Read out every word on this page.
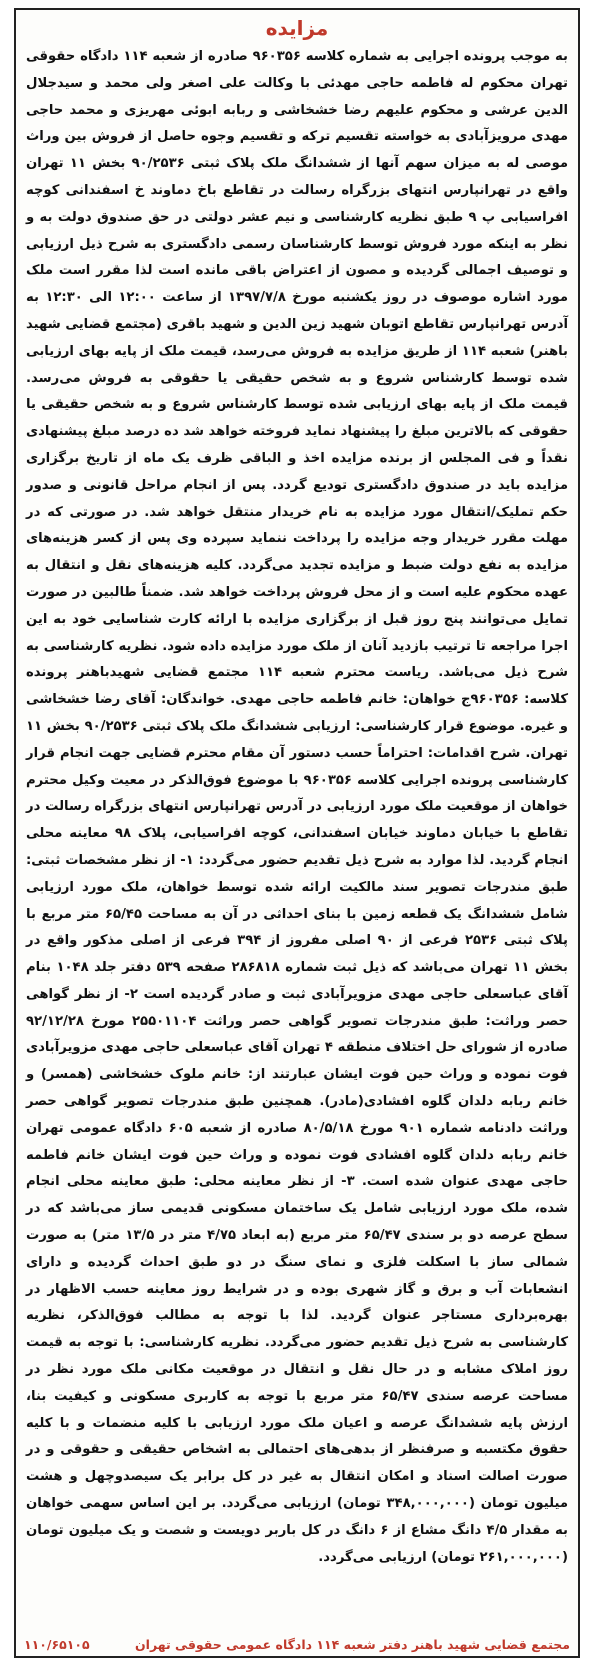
مزایده

به موجب پرونده اجرایی به شماره کلاسه ۹۶۰۳۵۶ صادره از شعبه ۱۱۴ دادگاه حقوقی تهران محکوم له فاطمه حاجی مهدئی با وکالت علی اصغر ولی محمد و سیدجلال الدین عرشی و محکوم علیهم رضا خشخاشی و ربابه ابوئی مهریزی و محمد حاجی مهدی مرویزآبادی به خواسته تقسیم ترکه و تقسیم وجوه حاصل از فروش بین وراث موصی له به میزان سهم آنها از ششدانگ ملک پلاک ثبتی ۹۰/۲۵۳۶ بخش ۱۱ تهران واقع در تهرانپارس انتهای بزرگراه رسالت در تقاطع باخ دماوند خ اسفندانی کوچه افراسیابی پ ۹ طبق نظریه کارشناسی و نیم عشر دولتی در حق صندوق دولت به و نظر به اینکه مورد فروش توسط کارشناسان رسمی دادگستری به شرح ذیل ارزیابی و توصیف اجمالی گردیده و مصون از اعتراض باقی مانده است لذا مقرر است ملک مورد اشاره موصوف در روز یکشنبه مورخ ۱۳۹۷/۷/۸ از ساعت ۱۲:۰۰ الی ۱۲:۳۰ به آدرس تهرانپارس تقاطع اتوبان شهید زین الدین و شهید باقری (مجتمع قضایی شهید باهنر) شعبه ۱۱۴ از طریق مزایده به فروش می‌رسد، قیمت ملک از پایه بهای ارزیابی شده توسط کارشناس شروع و به شخص حقیقی یا حقوقی به فروش می‌رسد. قیمت ملک از پایه بهای ارزیابی شده توسط کارشناس شروع و به شخص حقیقی یا حقوقی که بالاترین مبلغ را پیشنهاد نماید فروخته خواهد شد ده درصد مبلغ پیشنهادی نقداً و فی المجلس از برنده مزایده اخذ و الباقی ظرف یک ماه از تاریخ برگزاری مزایده باید در صندوق دادگستری تودیع گردد. پس از انجام مراحل قانونی و صدور حکم تملیک/انتقال مورد مزایده به نام خریدار منتقل خواهد شد. در صورتی که در مهلت مقرر خریدار وجه مزایده را پرداخت ننماید سپرده وی پس از کسر هزینه‌های مزایده به نفع دولت ضبط و مزایده تجدید می‌گردد. کلیه هزینه‌های نقل و انتقال به عهده محکوم علیه است و از محل فروش پرداخت خواهد شد. ضمناً طالبین در صورت تمایل می‌توانند پنج روز قبل از برگزاری مزایده با ارائه کارت شناسایی خود به این اجرا مراجعه تا ترتیب بازدید آنان از ملک مورد مزایده داده شود. نظریه کارشناسی به شرح ذیل می‌باشد. ریاست محترم شعبه ۱۱۴ مجتمع قضایی شهیدباهنر پرونده کلاسه: ۹۶۰۳۵۶ج خواهان: خانم فاطمه حاجی مهدی. خواندگان: آقای رضا خشخاشی و غیره. موضوع قرار کارشناسی: ارزیابی ششدانگ ملک پلاک ثبتی ۹۰/۲۵۳۶ بخش ۱۱ تهران. شرح اقدامات: احتراماً حسب دستور آن مقام محترم قضایی جهت انجام قرار کارشناسی پرونده اجرایی کلاسه ۹۶۰۳۵۶ با موضوع فوق‌الذکر در معیت وکیل محترم خواهان از موقعیت ملک مورد ارزیابی در آدرس تهرانپارس انتهای بزرگراه رسالت در تقاطع با خیابان دماوند خیابان اسفندانی، کوچه افراسیابی، پلاک ۹۸ معاینه محلی انجام گردید. لذا موارد به شرح ذیل تقدیم حضور می‌گردد: ۱- از نظر مشخصات ثبتی: طبق مندرجات تصویر سند مالکیت ارائه شده توسط خواهان، ملک مورد ارزیابی شامل ششدانگ یک قطعه زمین با بنای احداثی در آن به مساحت ۶۵/۴۵ متر مربع با پلاک ثبتی ۲۵۳۶ فرعی از ۹۰ اصلی مفروز از ۳۹۴ فرعی از اصلی مذکور واقع در بخش ۱۱ تهران می‌باشد که ذیل ثبت شماره ۲۸۶۸۱۸ صفحه ۵۳۹ دفتر جلد ۱۰۴۸ بنام آقای عباسعلی حاجی مهدی مزویرآبادی ثبت و صادر گردیده است ۲- از نظر گواهی حصر وراثت: طبق مندرجات تصویر گواهی حصر وراثت ۲۵۵۰۱۱۰۴ مورخ ۹۲/۱۲/۲۸ صادره از شورای حل اختلاف منطقه ۴ تهران آقای عباسعلی حاجی مهدی مزویرآبادی فوت نموده و وراث حین فوت ایشان عبارتند از: خانم ملوک خشخاشی (همسر) و خانم ربابه دلدان گلوه افشادی(مادر). همچنین طبق مندرجات تصویر گواهی حصر وراثت دادنامه شماره ۹۰۱ مورخ ۸۰/۵/۱۸ صادره از شعبه ۶۰۵ دادگاه عمومی تهران خانم ربابه دلدان گلوه افشادی فوت نموده و وراث حین فوت ایشان خانم فاطمه حاجی مهدی عنوان شده است. ۳- از نظر معاینه محلی: طبق معاینه محلی انجام شده، ملک مورد ارزیابی شامل یک ساختمان مسکونی قدیمی ساز می‌باشد که در سطح عرصه دو بر سندی ۶۵/۴۷ متر مربع (به ابعاد ۴/۷۵ متر در ۱۳/۵ متر) به صورت شمالی ساز با اسکلت فلزی و نمای سنگ در دو طبق احداث گردیده و دارای انشعابات آب و برق و گاز شهری بوده و در شرایط روز معاینه حسب الاظهار در بهره‌برداری مستاجر عنوان گردید. لذا با توجه به مطالب فوق‌الذکر، نظریه کارشناسی به شرح ذیل تقدیم حضور می‌گردد. نظریه کارشناسی: با توجه به قیمت روز املاک مشابه و در حال نقل و انتقال در موقعیت مکانی ملک مورد نظر در مساحت عرصه سندی ۶۵/۴۷ متر مربع با توجه به کاربری مسکونی و کیفیت بنا، ارزش پایه ششدانگ عرصه و اعیان ملک مورد ارزیابی با کلیه منضمات و با کلیه حقوق مکتسبه و صرفنظر از بدهی‌های احتمالی به اشخاص حقیقی و حقوقی و در صورت اصالت اسناد و امکان انتقال به غیر در کل برابر یک سیصدوچهل و هشت میلیون تومان (۳۴۸,۰۰۰,۰۰۰ تومان) ارزیابی می‌گردد. بر این اساس سهمی خواهان به مقدار ۴/۵ دانگ مشاع از ۶ دانگ در کل باربر دویست و شصت و یک میلیون تومان (۲۶۱,۰۰۰,۰۰۰ تومان) ارزیابی می‌گردد.

مجتمع قضایی شهید باهنر دفتر شعبه ۱۱۴ دادگاه عمومی حقوقی تهران
۱۱۰/۶۵۱۰۵
